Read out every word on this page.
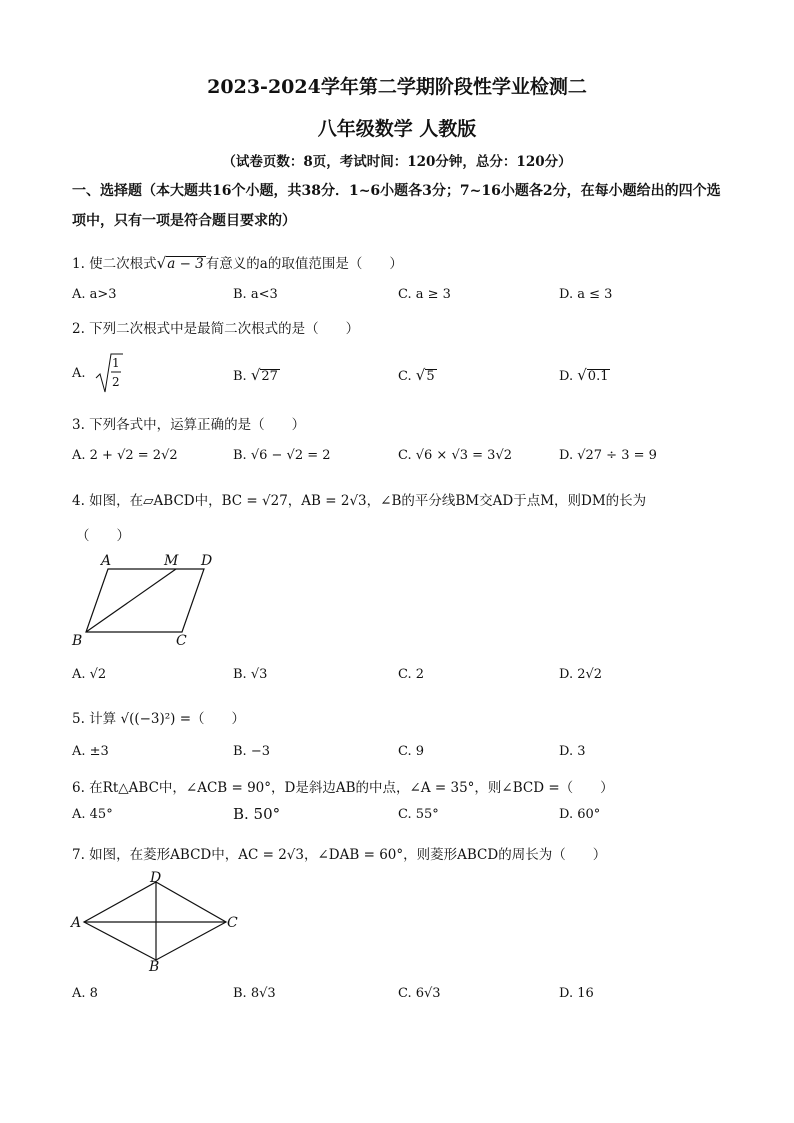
2023-2024学年第二学期阶段性学业检测二
八年级数学 人教版
（试卷页数：8页，考试时间：120分钟，总分：120分）
一、选择题（本大题共16个小题，共38分．1~6小题各3分；7~16小题各2分，在每小题给出的四个选项中，只有一项是符合题目要求的）
1. 使二次根式√a − 3 有意义的a的取值范围是（　　）
A. a>3	B. a<3	C. a ≥ 3	D. a ≤ 3
2. 下列二次根式中是最简二次根式的是（　　）
A.
1
2	B. √27	C. √5	D. √0.1
3. 下列各式中，运算正确的是（　　）
A. 2 + √2 = 2√2	B. √6 − √2 = 2	C. √6 × √3 = 3√2	D. √27 ÷ 3 = 9
4. 如图，在▱ABCD中，BC = √27，AB = 2√3，∠B的平分线BM交AD于点M，则DM的长为
（　　）
A	M D
B	C
A. √2	B. √3	C. 2	D. 2√2
5. 计算 √((−3)²) =（　　）
A. ±3	B. −3	C. 9	D. 3
6. 在Rt△ABC中，∠ACB = 90°，D是斜边AB的中点，∠A = 35°，则∠BCD =（　　）
A. 45°	B. 50°	C. 55°	D. 60°
7. 如图，在菱形ABCD中，AC = 2√3，∠DAB = 60°，则菱形ABCD的周长为（　　）
D
A	C
B
A. 8	B. 8√3	C. 6√3	D. 16
